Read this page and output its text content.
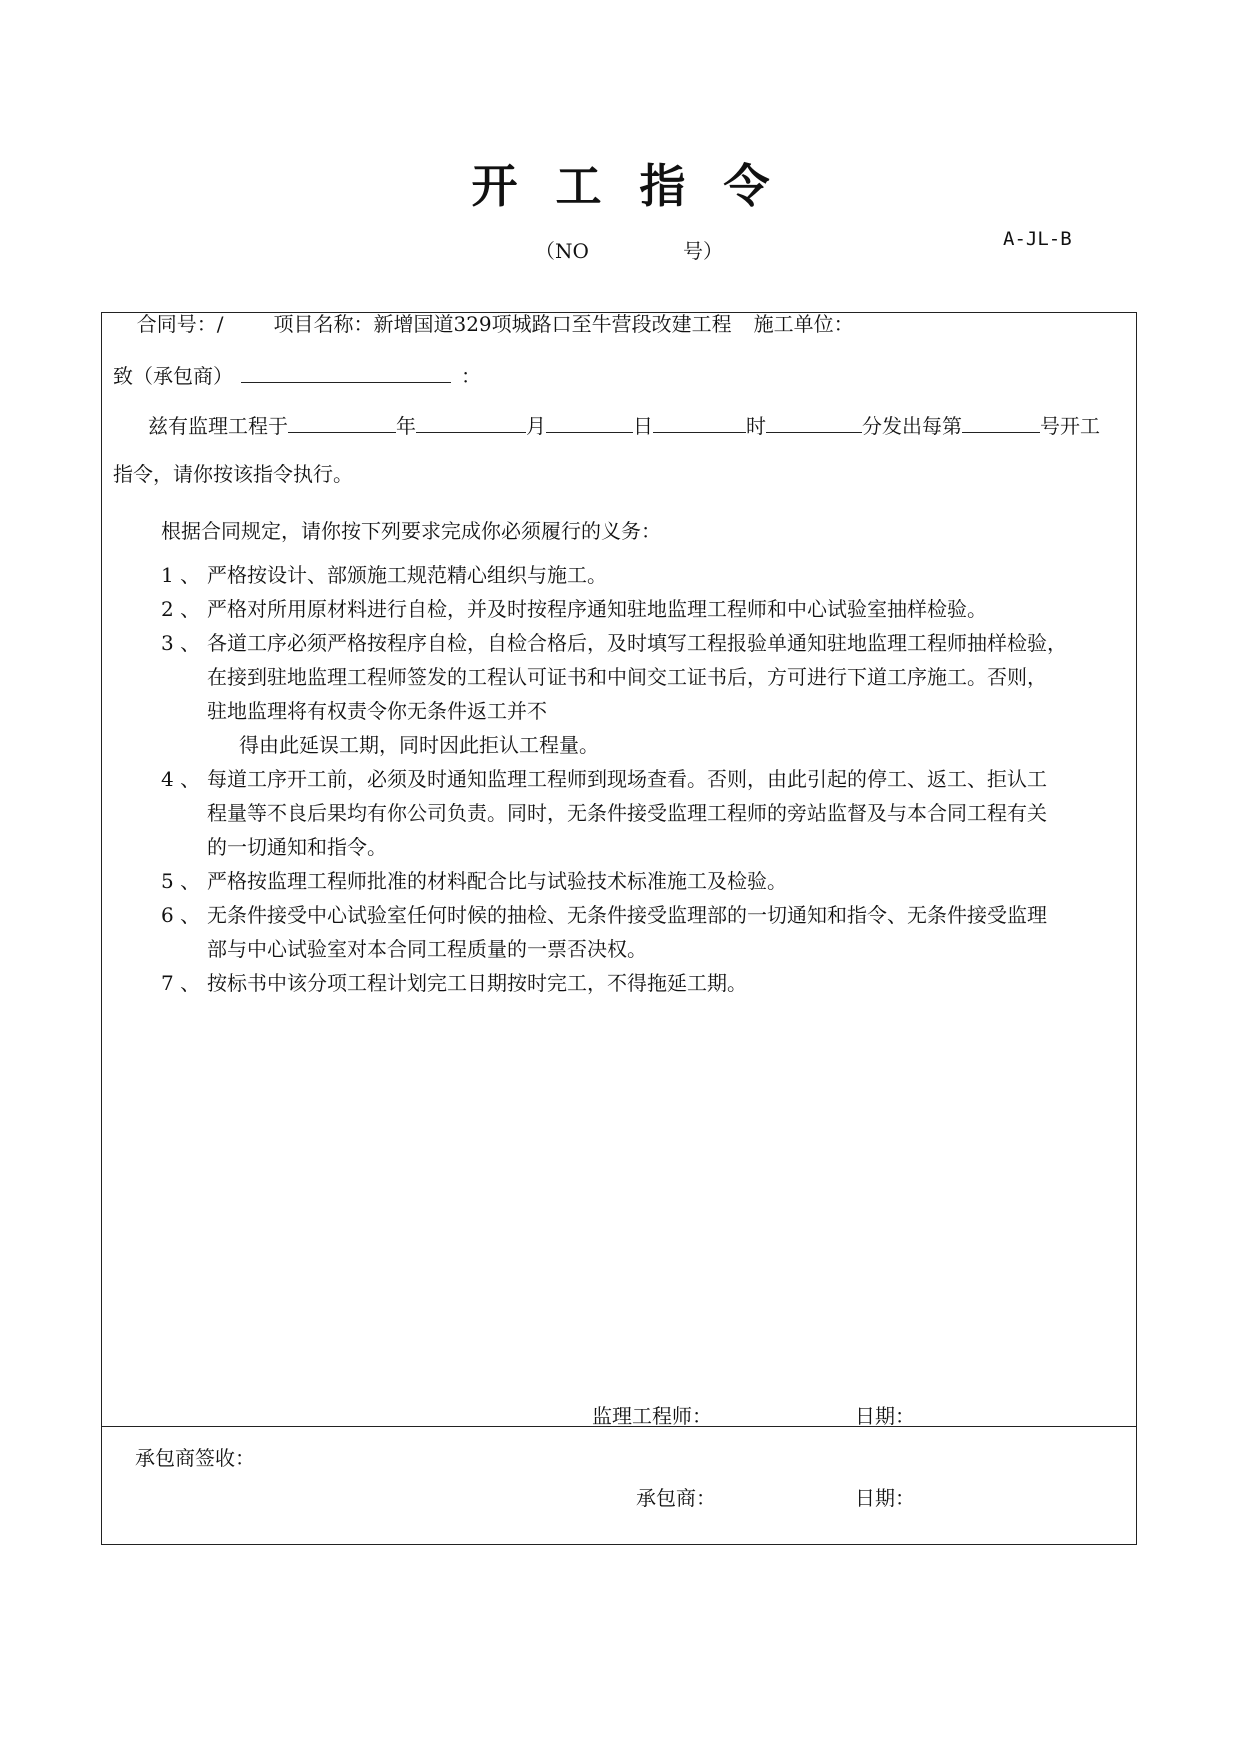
开工指令
（NO	号）	A-JL-B

合同号：/	项目名称：新增国道329项城路口至牛营段改建工程 施工单位：

致（承包商）	：
兹有监理工程于	年	月	日	时	分发出每第	号开工
指令，请你按该指令执行。
根据合同规定，请你按下列要求完成你必须履行的义务：
1 、 严格按设计、部颁施工规范精心组织与施工。
2 、 严格对所用原材料进行自检，并及时按程序通知驻地监理工程师和中心试验室抽样检验。
3 、 各道工序必须严格按程序自检，自检合格后，及时填写工程报验单通知驻地监理工程师抽样检验，
在接到驻地监理工程师签发的工程认可证书和中间交工证书后，方可进行下道工序施工。否则，
驻地监理将有权责令你无条件返工并不
得由此延误工期，同时因此拒认工程量。
4 、 每道工序开工前，必须及时通知监理工程师到现场查看。否则，由此引起的停工、返工、拒认工
程量等不良后果均有你公司负责。同时，无条件接受监理工程师的旁站监督及与本合同工程有关
的一切通知和指令。
5 、 严格按监理工程师批准的材料配合比与试验技术标准施工及检验。
6 、 无条件接受中心试验室任何时候的抽检、无条件接受监理部的一切通知和指令、无条件接受监理
部与中心试验室对本合同工程质量的一票否决权。
7 、 按标书中该分项工程计划完工日期按时完工，不得拖延工期。
监理工程师：	日期：
承包商签收：
承包商：	日期：
